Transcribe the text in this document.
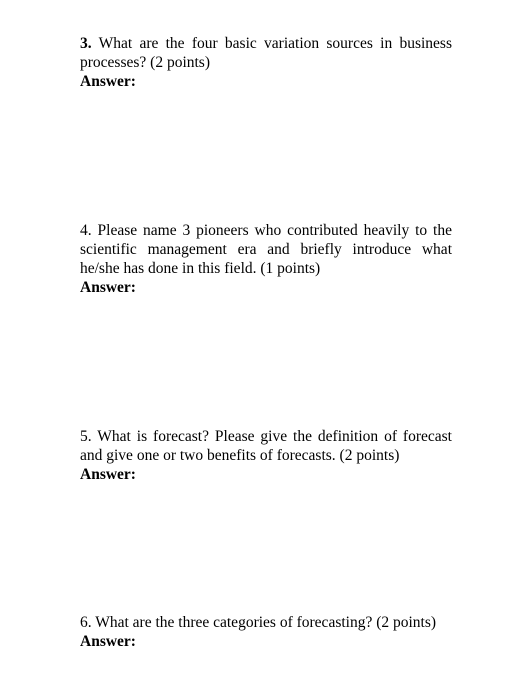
3. What are the four basic variation sources in business processes? (2 points)

Answer:

4. Please name 3 pioneers who contributed heavily to the scientific management era and briefly introduce what he/she has done in this field. (1 points)

Answer:

5. What is forecast? Please give the definition of forecast and give one or two benefits of forecasts. (2 points)

Answer:

6. What are the three categories of forecasting? (2 points)

Answer:
